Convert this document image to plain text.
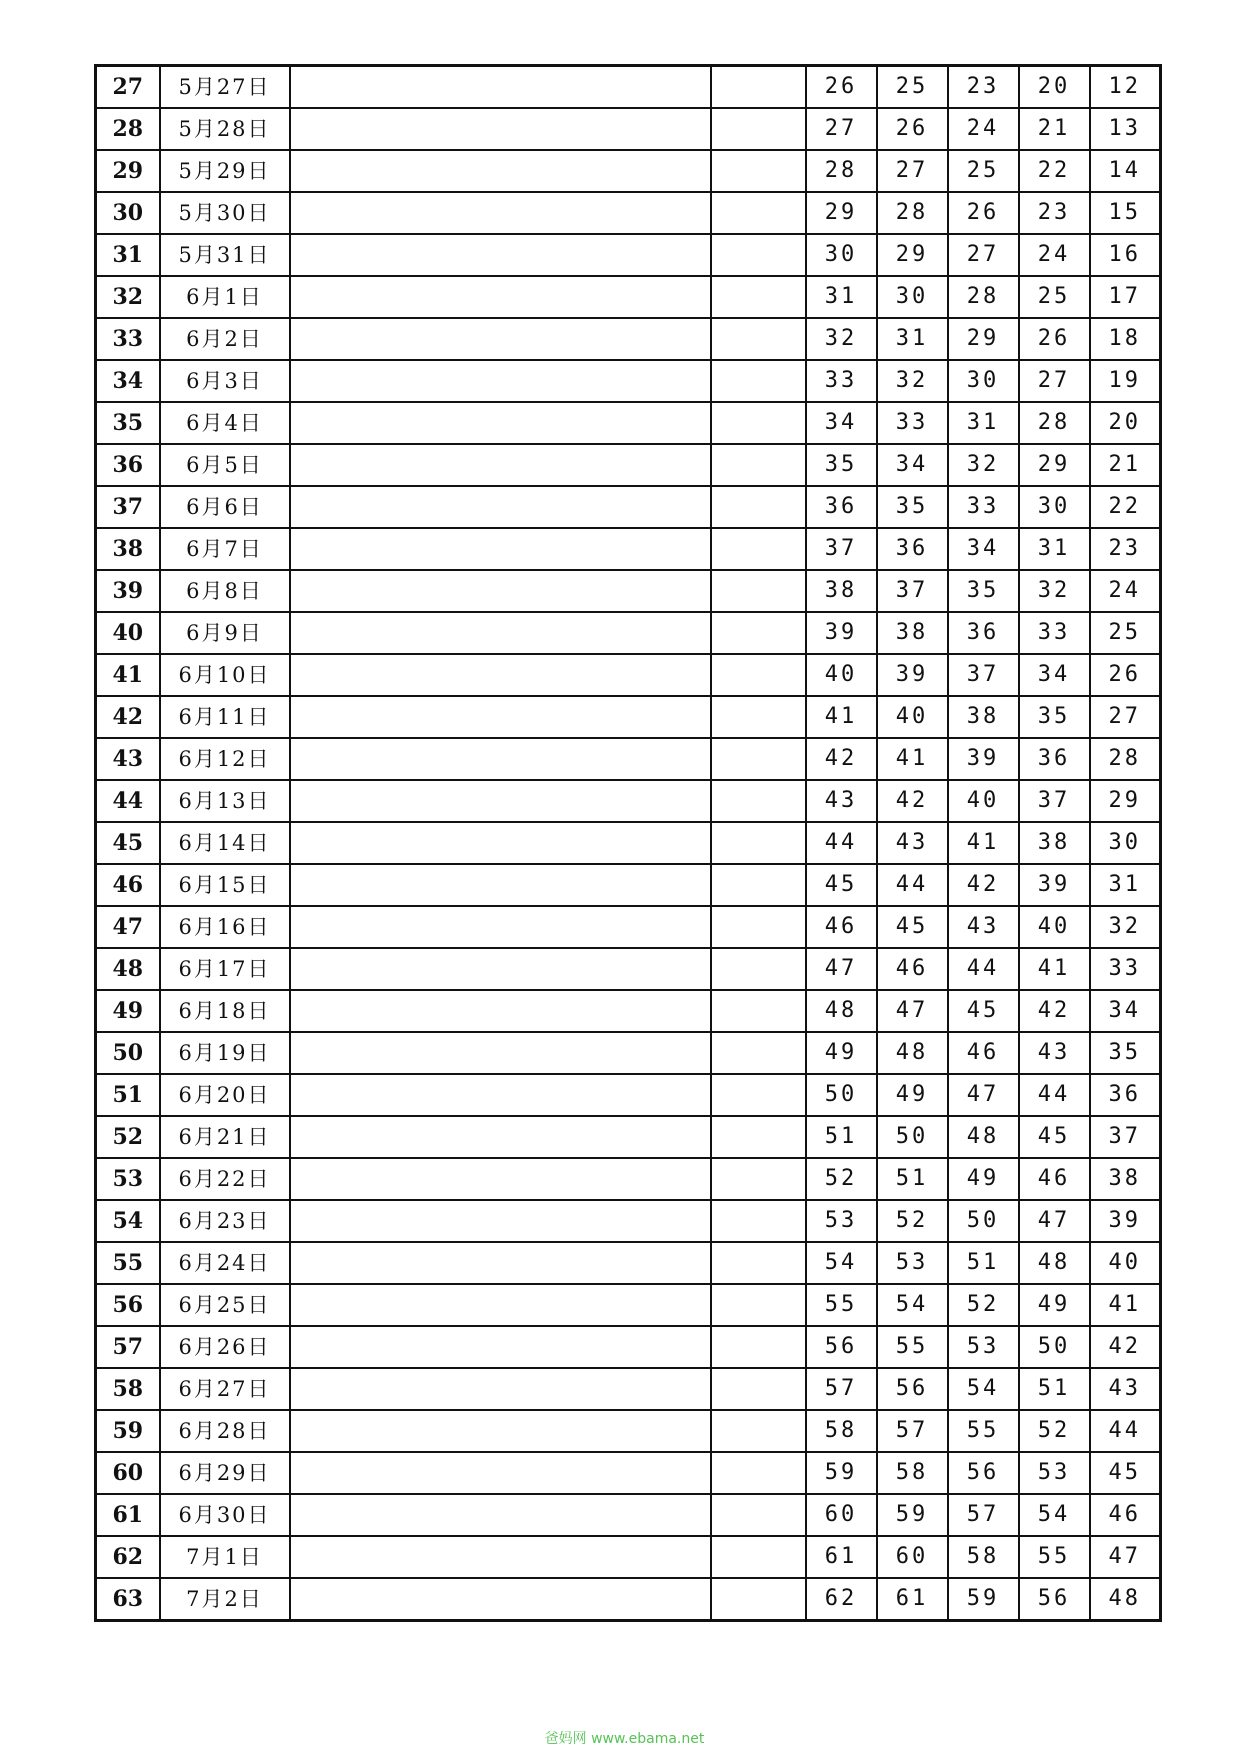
27	5月27日			26	25	23	20	12
28	5月28日			27	26	24	21	13
29	5月29日			28	27	25	22	14
30	5月30日			29	28	26	23	15
31	5月31日			30	29	27	24	16
32	6月1日			31	30	28	25	17
33	6月2日			32	31	29	26	18
34	6月3日			33	32	30	27	19
35	6月4日			34	33	31	28	20
36	6月5日			35	34	32	29	21
37	6月6日			36	35	33	30	22
38	6月7日			37	36	34	31	23
39	6月8日			38	37	35	32	24
40	6月9日			39	38	36	33	25
41	6月10日			40	39	37	34	26
42	6月11日			41	40	38	35	27
43	6月12日			42	41	39	36	28
44	6月13日			43	42	40	37	29
45	6月14日			44	43	41	38	30
46	6月15日			45	44	42	39	31
47	6月16日			46	45	43	40	32
48	6月17日			47	46	44	41	33
49	6月18日			48	47	45	42	34
50	6月19日			49	48	46	43	35
51	6月20日			50	49	47	44	36
52	6月21日			51	50	48	45	37
53	6月22日			52	51	49	46	38
54	6月23日			53	52	50	47	39
55	6月24日			54	53	51	48	40
56	6月25日			55	54	52	49	41
57	6月26日			56	55	53	50	42
58	6月27日			57	56	54	51	43
59	6月28日			58	57	55	52	44
60	6月29日			59	58	56	53	45
61	6月30日			60	59	57	54	46
62	7月1日			61	60	58	55	47
63	7月2日			62	61	59	56	48
爸妈网 www.ebama.net
